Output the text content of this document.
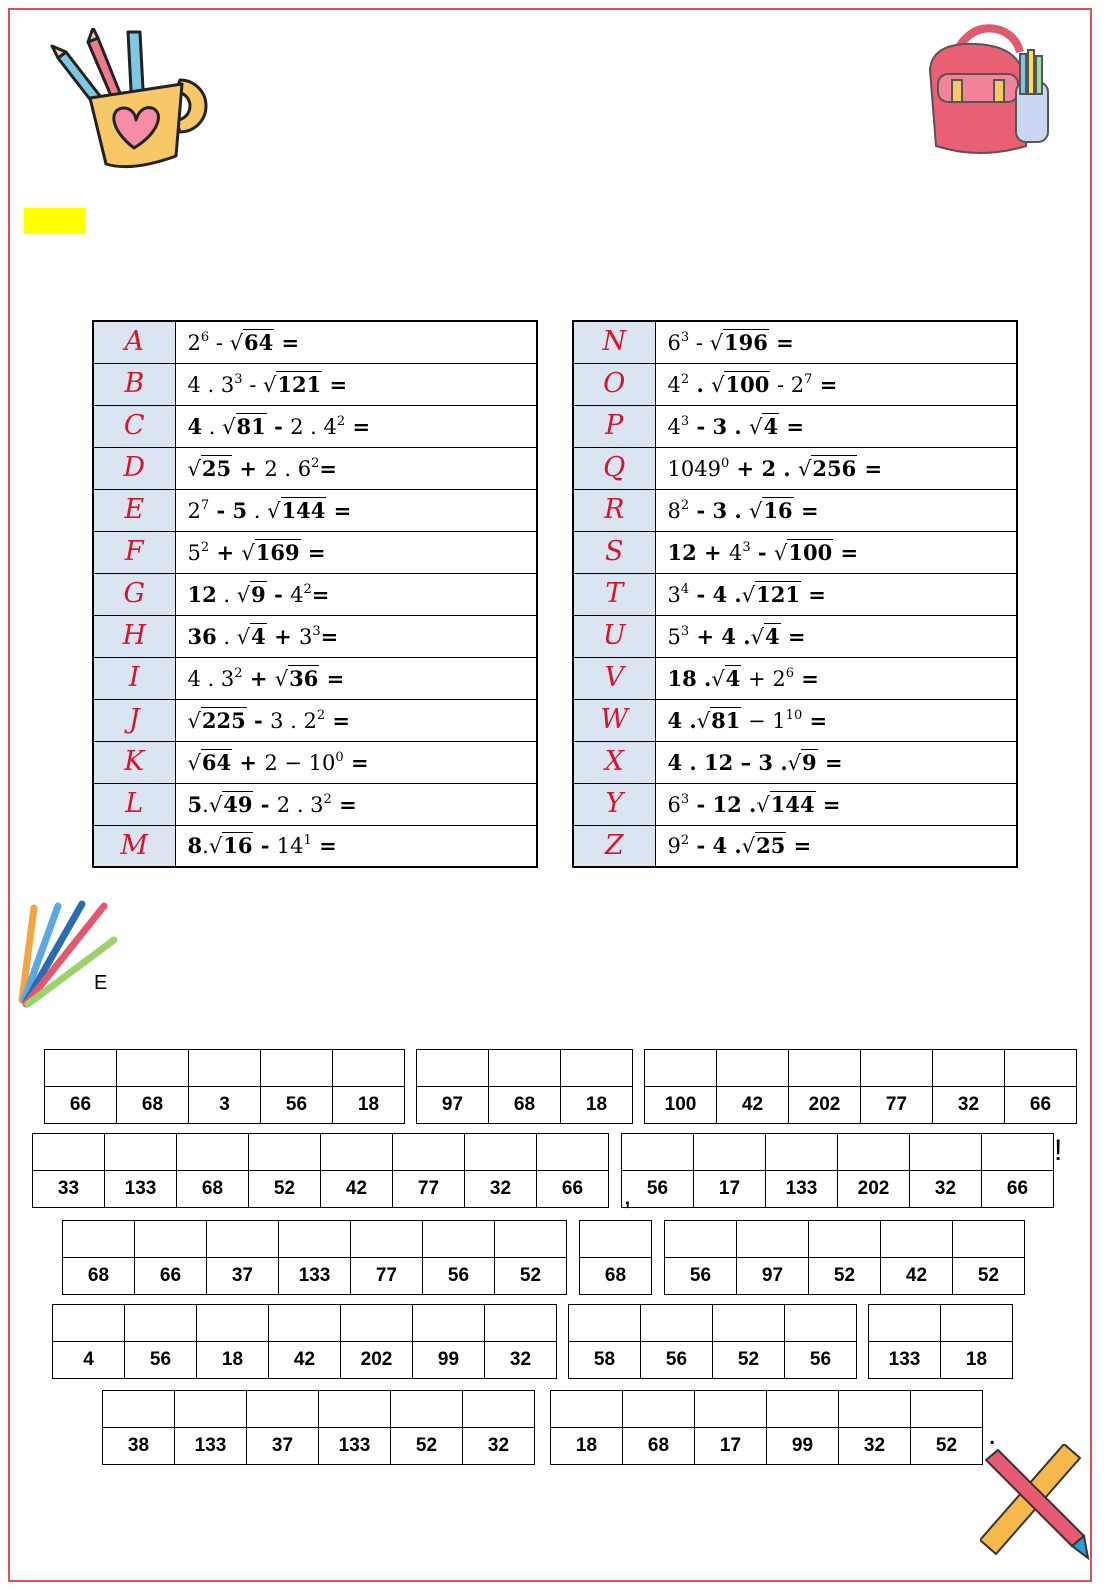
A	$2^6 - √64$ =
B	4 . $3^3 - √121$ =
C	4 . √81 - 2 . $4^2$ =
D	√25 + 2 . $6^2=$
E	$2^7 - 5$ . √144 =
F	$5^2 + √169$ =
G	12 . $√9 - 4^2=$
H	36 . $√4 + 3^3=$
I	4 . $3^2 + √36$ =
J	√225 - 3 . $2^2$ =
K	$√64 + 2 - 10^0$ =
L	5.√49 - 2 . $3^2$ =
M	$8.√16 - 14^1$ =
N	$6^3 - √196$ =
O	$4^2$ . $√100 - 2^7$ =
P	$4^3 - 3$ . √4 =
Q	$1049^0 + 2$ . √256 =
R	$8^2 - 3$ . √16 =
S	$12 + 4^3 - √100$ =
T	$3^4 - 4$ .√121 =
U	$5^3 + 4$ .√4 =
V	18 $.√4 + 2^6$ =
W	4 $.√81 - 1^{10}$ =
X	4 . 12 – 3 .√9 =
Y	$6^3 - 12$ .√144 =
Z	$9^2 - 4$ .√25 =
E

66	68	3	56	18
			97	68	18
						100	42	202	77	32	66

33	133	68	52	42	77	32	66
						56	17	133	202	32	66

68	66	37	133	77	56	52	68
					56	97	52	42	52

4	56	18	42	202	99	32
				58	56	52	56
		133	18

38	133	37	133	52	32
						18	68	17	99	32	52
!
’
.
